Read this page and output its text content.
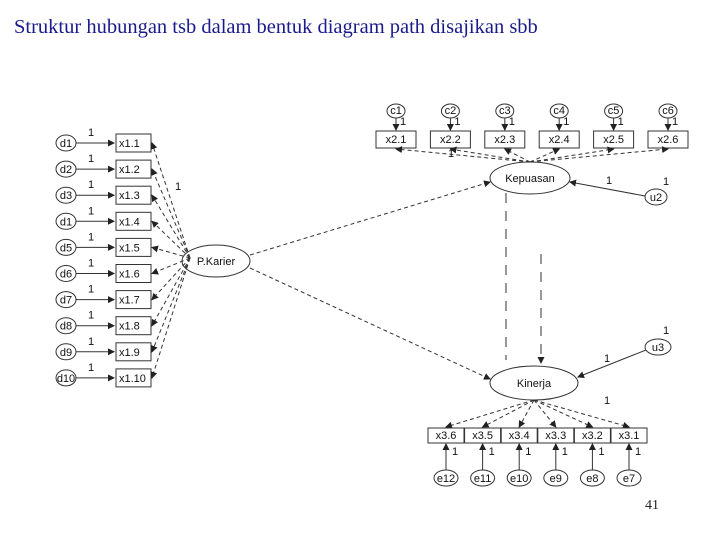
Struktur hubungan tsb dalam bentuk diagram path disajikan sbb
P.Karier
Kepuasan
Kinerja
u2
1	1
u3
1
1
1
1
d1
1
x1.1
d2
1
x1.2
d3
1
x1.3
d1
1
x1.4
d5
1
x1.5
d6
1
x1.6
d7
1
x1.7
d8
1
x1.8
d9
1
x1.9
d10
1
x1.10
c1
1
x2.1
c2
1
x2.2
c3
1
x2.3
c4
1
x2.4
c5
1
x2.5
c6
1
x2.6
1
x3.6
1
e12
x3.5
1
e11
x3.4
1
e10
x3.3
1
e9
x3.2
1
e8
x3.1
1
e7
41
